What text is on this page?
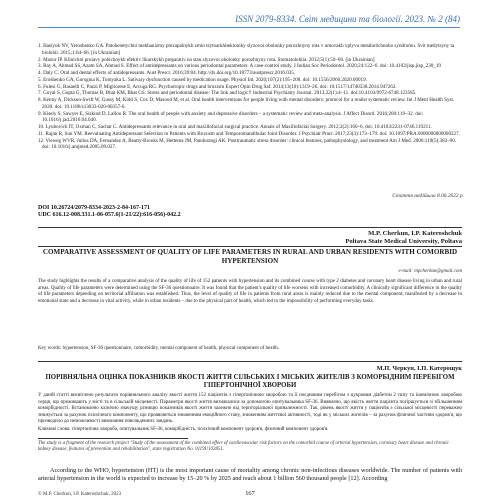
ISSN 2079-8334. Світ медицини та біології. 2023. № 2 (84)

1. Hasiyuk NV, Yeroshenko GA. Patohenetychni mekhanizmy prezapalnykh zmin tsytoarkhitektoniky slyzovoi obolonky porozhnyny rota v umovakh vplyvu metabolichnoho syndromu. Svit medytsyny ta biolohii. 2015;1:64–66. [in Ukrainian]

2. Mazur IP. Klinichni proiavy pobichnykh efektiv likarskykh preparativ na stan slyzovoi obolonky porozhnyny rota. Stomatolohiia. 2012;5(1):50–60. [in Ukrainian]

3. Bay A, Ahmad SS, Azam SA, Ahmad S. Effect of antidepressants on various periodontal parameters: A case-control study. J Indian Soc Periodontol. 2020;24:122–6. doi: 10.4103/jisp.jisp_230_19

4. Daly C. Oral and dental effects of antidepressants. Aust Prescr. 2016;39:84. http://dx.doi.org/10.18773/austprescr.2016.035.

5. Eroshenko GA, Gorsgina K, Tomyaka L. Salivary dysfunction caused by medication usage. Physiol Int. 2020;107(2):195–208. doi: 10.1556/2060.2020.00019.

6. Fulesi G, Rasaelli C, Pazzi P, Migliorese E, Arcuga RG. Psychotropic drugs and bruxism Expert Opin Drug Saf. 2014;13(10):1319–26. doi: 10.1517/14740338.2014.947262.

7. Goyal S, Gupta G, Thomas B, Bhat KM, Bhat GS. Stress and periodontal disease: The link and logic!! Industrial Psychiatry Journal. 2013;22(1):4–11. doi:10.4103/0972-6748.123585.

8. Kenny A, Dickson-Swift W, Gussy M, Kidd S, Cox D, Masood M, et al. Oral health interventions for people living with mental disorders: protocol for a realist systematic review. Int J Ment Health Syst. 2020. doi: 10.1186/s13033-020-00357-6.

9. Kisely S, Sawyer E, Siskind D, Lalloo R. The oral health of people with anxiety and depressive disorders – a systematic review and meta-analysis. J Affect Disord. 2016;200:119–32. doi: 10.1016/j.jad.2016.04.040.

10. Lyubovich IT, Oxman C, Sachar C. Antidepressants relevance in oral and maxillofacial surgical practice. Annals of Maxillofacial Surgery. 2012;2(2):160–6. doi: 10.4103/2231-0746.119211.

11. Rajan R, Sun YM. Reevaluating Antidepressant Selection in Patients with Bruxism and Temporomandibular Joint Disorder. J Psychiatr Pract. 2017;23(3):173–179. doi: 10.1097/PRA.0000000000000227.

12. Vieweg WVR, Julius DA, Fernandez A, Beatty-Brooks M, Hettema JM, Pandurangi AK. Posttraumatic stress disorder: clinical features, pathophysiology, and treatment Am J Med. 2006;119(5):383–90. doi: 10.1016/j.amjmed.2005.09.027.

Стаття надійшла 8.06.2022 р.
DOI 10.26724/2079-8334-2023-2-84-167-171
UDC 616.12-008.331.1-06-057.6(1-21/22):616-056)-042.2
M.P. Cherkun, I.P. Kateroshchuk
Poltava State Medical University, Poltava
COMPARATIVE ASSESSMENT OF QUALITY OF LIFE PARAMETERS IN RURAL AND URBAN RESIDENTS WITH COMORBID HYPERTENSION
e-mail: mpcherkun@gmail.com
The study highlights the results of a comparative analysis of the quality of life of 152 patients with hypertension and its combined course with type 2 diabetes and coronary heart disease living in urban and rural areas. Quality of life parameters were determined using the SF-36 questionnaire. It was found that the patient's quality of life worsens with increased comorbidity. A clinically significant difference in the quality of life parameters depending on territorial affiliation was established. Thus, the level of quality of life in patients from rural areas is mainly reduced due to the mental component, manifested by a decrease in emotional state and a decrease in vital activity, while in urban residents – due to the physical part of health, which led to the impossibility of performing everyday tasks.
Key words: hypertension, SF-36 questionnaire, comorbidity, mental component of health, physical component of health.
М.П. Черкун, І.П. Катерощук
ПОРІВНЯЛЬНА ОЦІНКА ПОКАЗНИКІВ ЯКОСТІ ЖИТТЯ СІЛЬСЬКИХ І МІСЬКИХ ЖИТЕЛІВ З КОМОРБІДНИМ ПЕРЕБІГОМ ГІПЕРТОНІЧНОЇ ХВОРОБИ
У даній статті висвітлено результати порівняльного аналізу якості життя 152 пацієнтів з гіпертонічною хворобою та її поєднаним перебігом з цукровим діабетом 2 типу та ішемічною хворобою серця, що проживають у місті та в сільській місцевості. Параметри якості життя визначалися за допомогою опитувальника SF-36. Виявлено, що якість життя пацієнта погіршується зі збільшенням коморбідності. Встановлено клінічно значущу різницю показників якості життя залежно від територіальної приналежності. Так, рівень якості життя у пацієнтів з сільської місцевості переважно знижується за рахунок психічного компоненту, що проявляється зниженням емоційного стану, зниженням життєвої активності, тоді як у міських жителів – за рахунок фізичної частини здоров'я, що призводило до неможливості виконання повсякденних завдань.
Ключові слова: гіпертонічна хвороба, опитувальник SF-36, коморбідність, психічний компонент здоров'я, фізичний компонент здоров'я.
The study is a fragment of the research project "Study of the assessment of the combined effect of cardiovascular risk factors on the comorbid course of arterial hypertension, coronary heart disease and chronic kidney disease, features of prevention and rehabilitation", state registration No. 0119U102851.
According to the WHO, hypertension (HT) is the most important cause of mortality among chronic non-infectious diseases worldwide. The number of patients with arterial hypertension in the world is expected to increase by 15–20 % by 2025 and reach about 1 billion 560 thousand people [12]. According
© M.P. Cherkun, I.P. Kateroshchuk, 2023	167
